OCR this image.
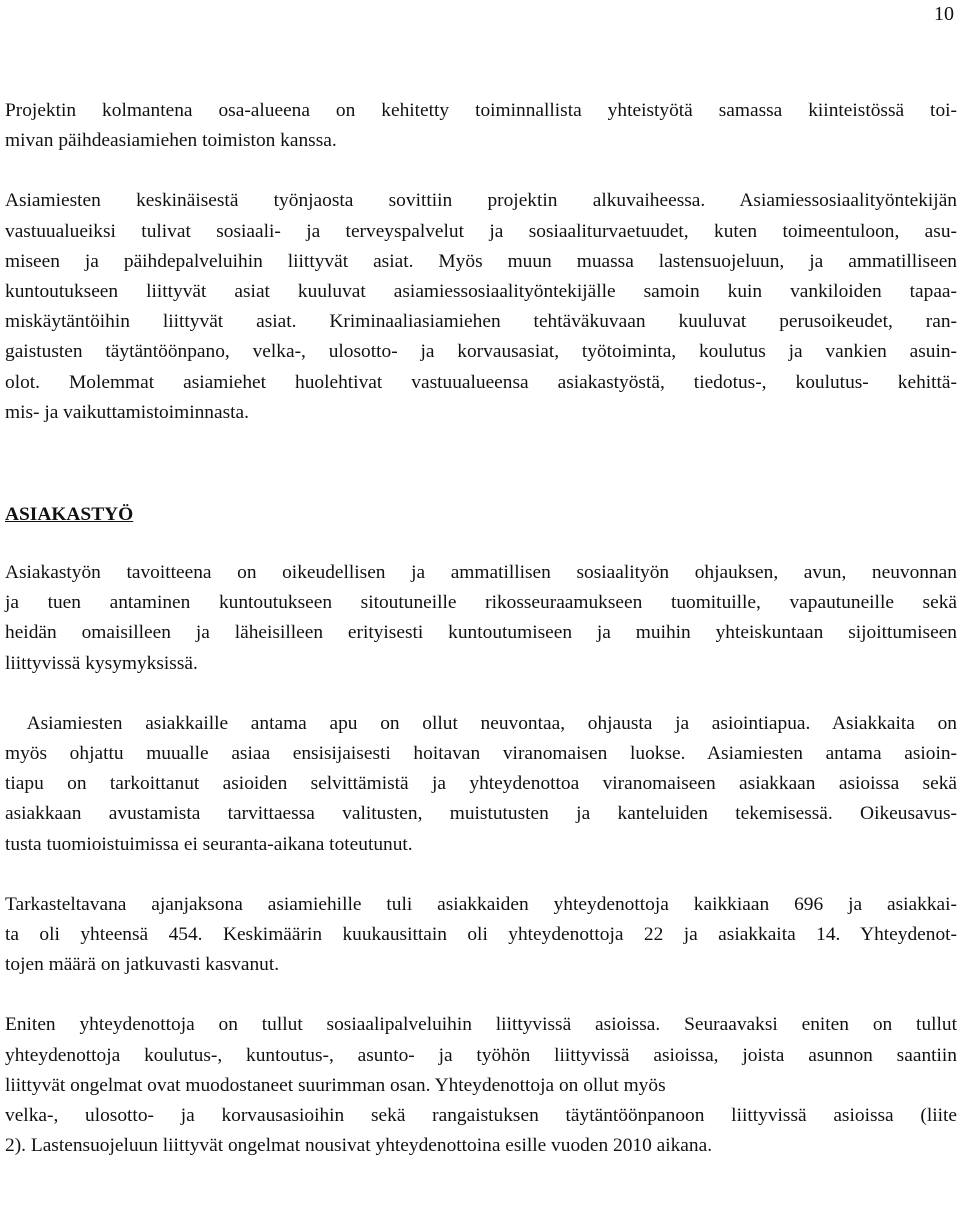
10

Projektin kolmantena osa-alueena on kehitetty toiminnallista yhteistyötä samassa kiinteistössä toi-
mivan päihdeasiamiehen toimiston kanssa.

Asiamiesten keskinäisestä työnjaosta sovittiin projektin alkuvaiheessa. Asiamiessosiaalityöntekijän
vastuualueiksi tulivat sosiaali- ja terveyspalvelut ja sosiaaliturvaetuudet, kuten toimeentuloon, asu-
miseen ja päihdepalveluihin liittyvät asiat. Myös muun muassa lastensuojeluun, ja ammatilliseen
kuntoutukseen liittyvät asiat kuuluvat asiamiessosiaalityöntekijälle samoin kuin vankiloiden tapaa-
miskäytäntöihin liittyvät asiat. Kriminaaliasiamiehen tehtäväkuvaan kuuluvat perusoikeudet, ran-
gaistusten täytäntöönpano, velka-, ulosotto- ja korvausasiat, työtoiminta, koulutus ja vankien asuin-
olot. Molemmat asiamiehet huolehtivat vastuualueensa asiakastyöstä, tiedotus-, koulutus- kehittä-
mis- ja vaikuttamistoiminnasta.

ASIAKASTYÖ

Asiakastyön tavoitteena on oikeudellisen ja ammatillisen sosiaalityön ohjauksen, avun, neuvonnan
ja tuen antaminen kuntoutukseen sitoutuneille rikosseuraamukseen tuomituille, vapautuneille sekä
heidän omaisilleen ja läheisilleen erityisesti kuntoutumiseen ja muihin yhteiskuntaan sijoittumiseen
liittyvissä kysymyksissä.

Asiamiesten asiakkaille antama apu on ollut neuvontaa, ohjausta ja asiointiapua. Asiakkaita on
myös ohjattu muualle asiaa ensisijaisesti hoitavan viranomaisen luokse. Asiamiesten antama asioin-
tiapu on tarkoittanut asioiden selvittämistä ja yhteydenottoa viranomaiseen asiakkaan asioissa sekä
asiakkaan avustamista tarvittaessa valitusten, muistutusten ja kanteluiden tekemisessä. Oikeusavus-
tusta tuomioistuimissa ei seuranta-aikana toteutunut.

Tarkasteltavana ajanjaksona asiamiehille tuli asiakkaiden yhteydenottoja kaikkiaan 696 ja asiakkai-
ta oli yhteensä 454. Keskimäärin kuukausittain oli yhteydenottoja 22 ja asiakkaita 14. Yhteydenot-
tojen määrä on jatkuvasti kasvanut.

Eniten yhteydenottoja on tullut sosiaalipalveluihin liittyvissä asioissa. Seuraavaksi eniten on tullut
yhteydenottoja koulutus-, kuntoutus-, asunto- ja työhön liittyvissä asioissa, joista asunnon saantiin
liittyvät ongelmat ovat muodostaneet suurimman osan. Yhteydenottoja on ollut myös
velka-, ulosotto- ja korvausasioihin sekä rangaistuksen täytäntöönpanoon liittyvissä asioissa (liite
2). Lastensuojeluun liittyvät ongelmat nousivat yhteydenottoina esille vuoden 2010 aikana.
